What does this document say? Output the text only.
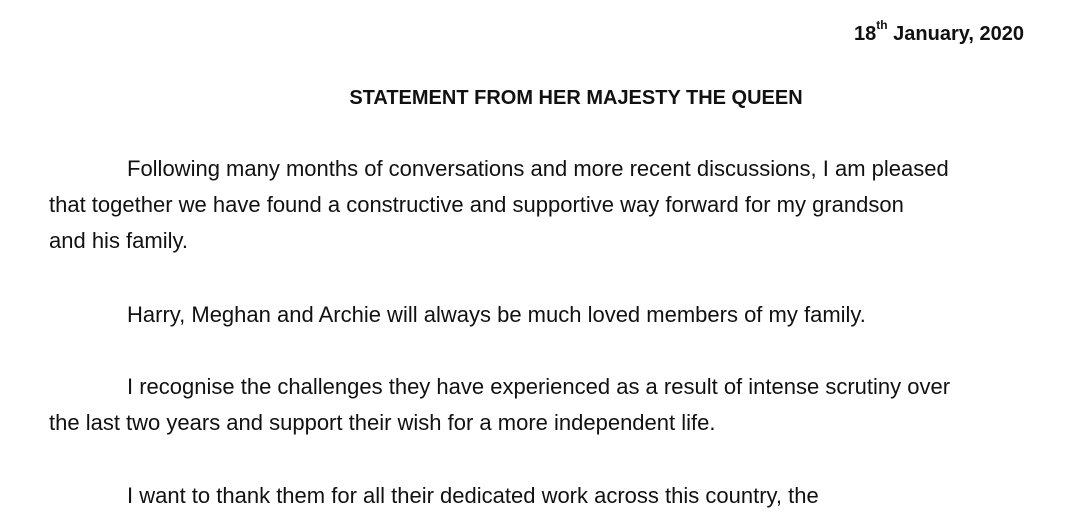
18th January, 2020
STATEMENT FROM HER MAJESTY THE QUEEN

Following many months of conversations and more recent discussions, I am pleased
that together we have found a constructive and supportive way forward for my grandson
and his family.

Harry, Meghan and Archie will always be much loved members of my family.

I recognise the challenges they have experienced as a result of intense scrutiny over
the last two years and support their wish for a more independent life.

I want to thank them for all their dedicated work across this country, the
